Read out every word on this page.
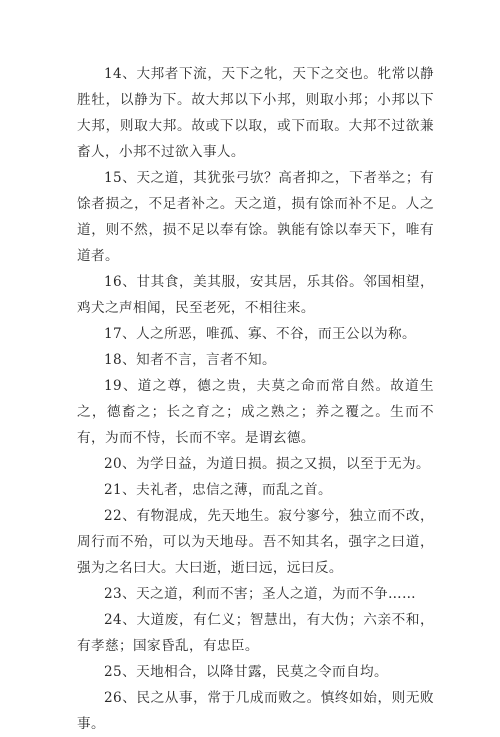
14、大邦者下流，天下之牝，天下之交也。牝常以静胜牡，以静为下。故大邦以下小邦，则取小邦；小邦以下大邦，则取大邦。故或下以取，或下而取。大邦不过欲兼畜人，小邦不过欲入事人。

15、天之道，其犹张弓欤？高者抑之，下者举之；有馀者损之，不足者补之。天之道，损有馀而补不足。人之道，则不然，损不足以奉有馀。孰能有馀以奉天下，唯有道者。

16、甘其食，美其服，安其居，乐其俗。邻国相望，鸡犬之声相闻，民至老死，不相往来。

17、人之所恶，唯孤、寡、不谷，而王公以为称。

18、知者不言，言者不知。

19、道之尊，德之贵，夫莫之命而常自然。故道生之，德畜之；长之育之；成之熟之；养之覆之。生而不有，为而不恃，长而不宰。是谓玄德。

20、为学日益，为道日损。损之又损，以至于无为。

21、夫礼者，忠信之薄，而乱之首。

22、有物混成，先天地生。寂兮寥兮，独立而不改，周行而不殆，可以为天地母。吾不知其名，强字之曰道，强为之名曰大。大曰逝，逝曰远，远曰反。

23、天之道，利而不害；圣人之道，为而不争……

24、大道废，有仁义；智慧出，有大伪；六亲不和，有孝慈；国家昏乱，有忠臣。

25、天地相合，以降甘露，民莫之令而自均。

26、民之从事，常于几成而败之。慎终如始，则无败事。
